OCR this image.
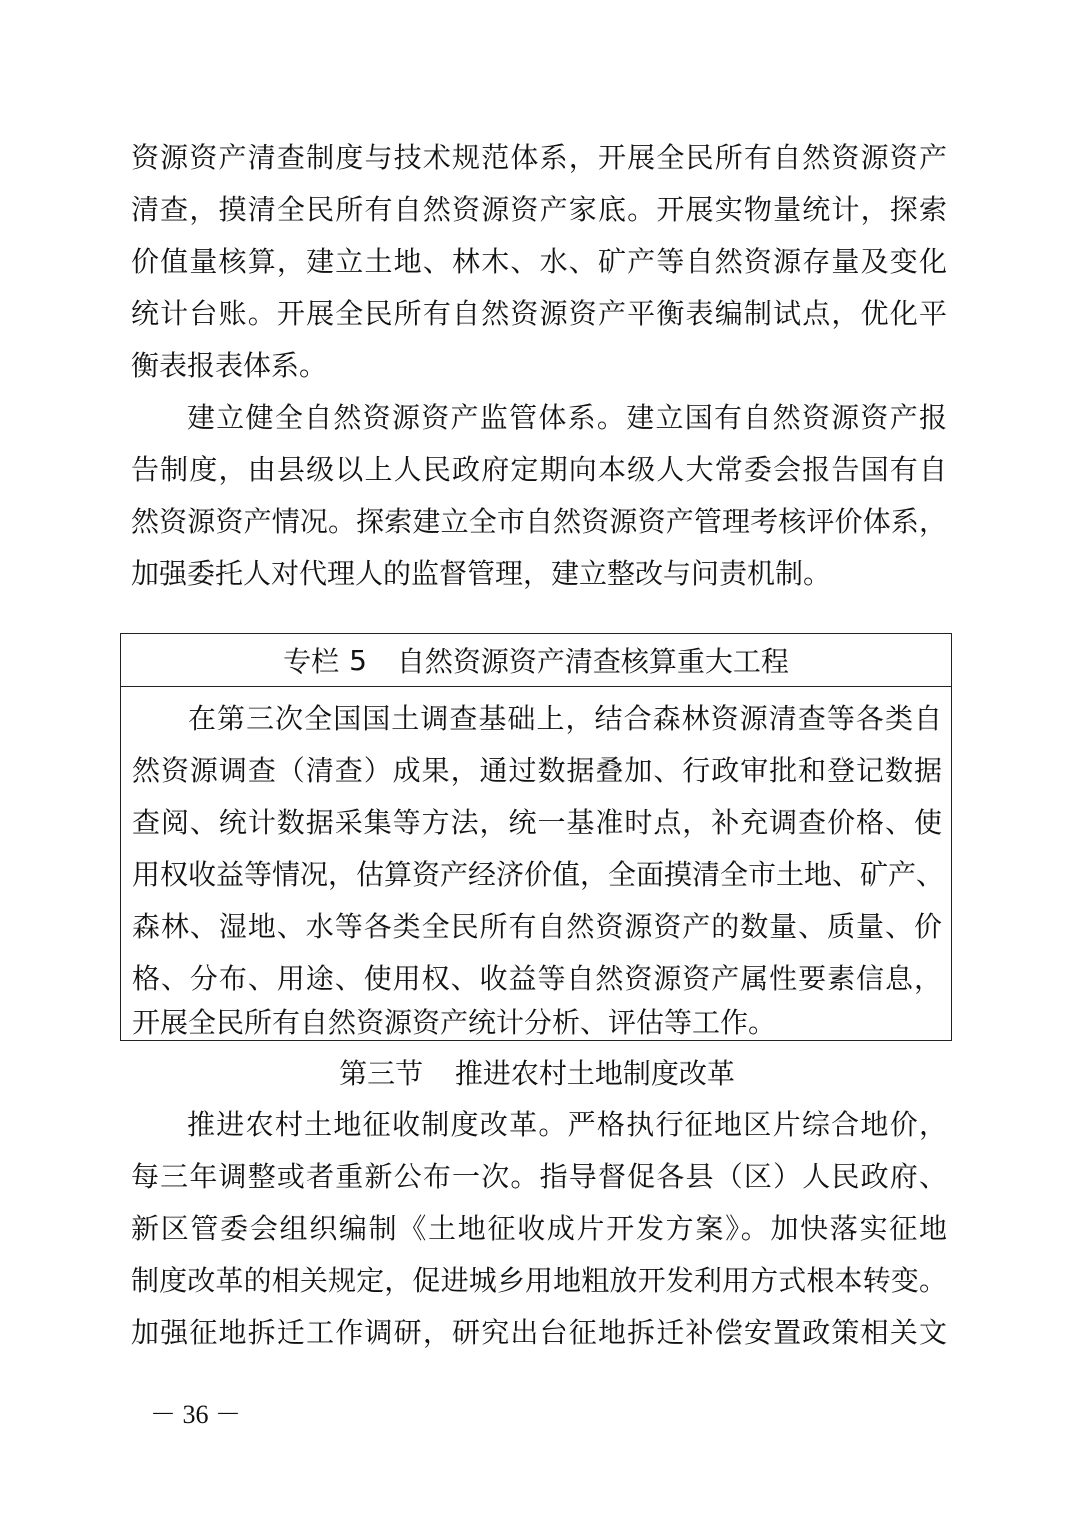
资源资产清查制度与技术规范体系，开展全民所有自然资源资产
清查，摸清全民所有自然资源资产家底。开展实物量统计，探索
价值量核算，建立土地、林木、水、矿产等自然资源存量及变化
统计台账。开展全民所有自然资源资产平衡表编制试点，优化平
衡表报表体系。
建立健全自然资源资产监管体系。建立国有自然资源资产报
告制度，由县级以上人民政府定期向本级人大常委会报告国有自
然资源资产情况。探索建立全市自然资源资产管理考核评价体系，
加强委托人对代理人的监督管理，建立整改与问责机制。
专栏 5 自然资源资产清查核算重大工程
在第三次全国国土调查基础上，结合森林资源清查等各类自
然资源调查（清查）成果，通过数据叠加、行政审批和登记数据
查阅、统计数据采集等方法，统一基准时点，补充调查价格、使
用权收益等情况，估算资产经济价值，全面摸清全市土地、矿产、
森林、湿地、水等各类全民所有自然资源资产的数量、质量、价
格、分布、用途、使用权、收益等自然资源资产属性要素信息，
开展全民所有自然资源资产统计分析、评估等工作。
第三节 推进农村土地制度改革
推进农村土地征收制度改革。严格执行征地区片综合地价，
每三年调整或者重新公布一次。指导督促各县（区）人民政府、
新区管委会组织编制《土地征收成片开发方案》。加快落实征地
制度改革的相关规定，促进城乡用地粗放开发利用方式根本转变。
加强征地拆迁工作调研，研究出台征地拆迁补偿安置政策相关文
－ 36 －
